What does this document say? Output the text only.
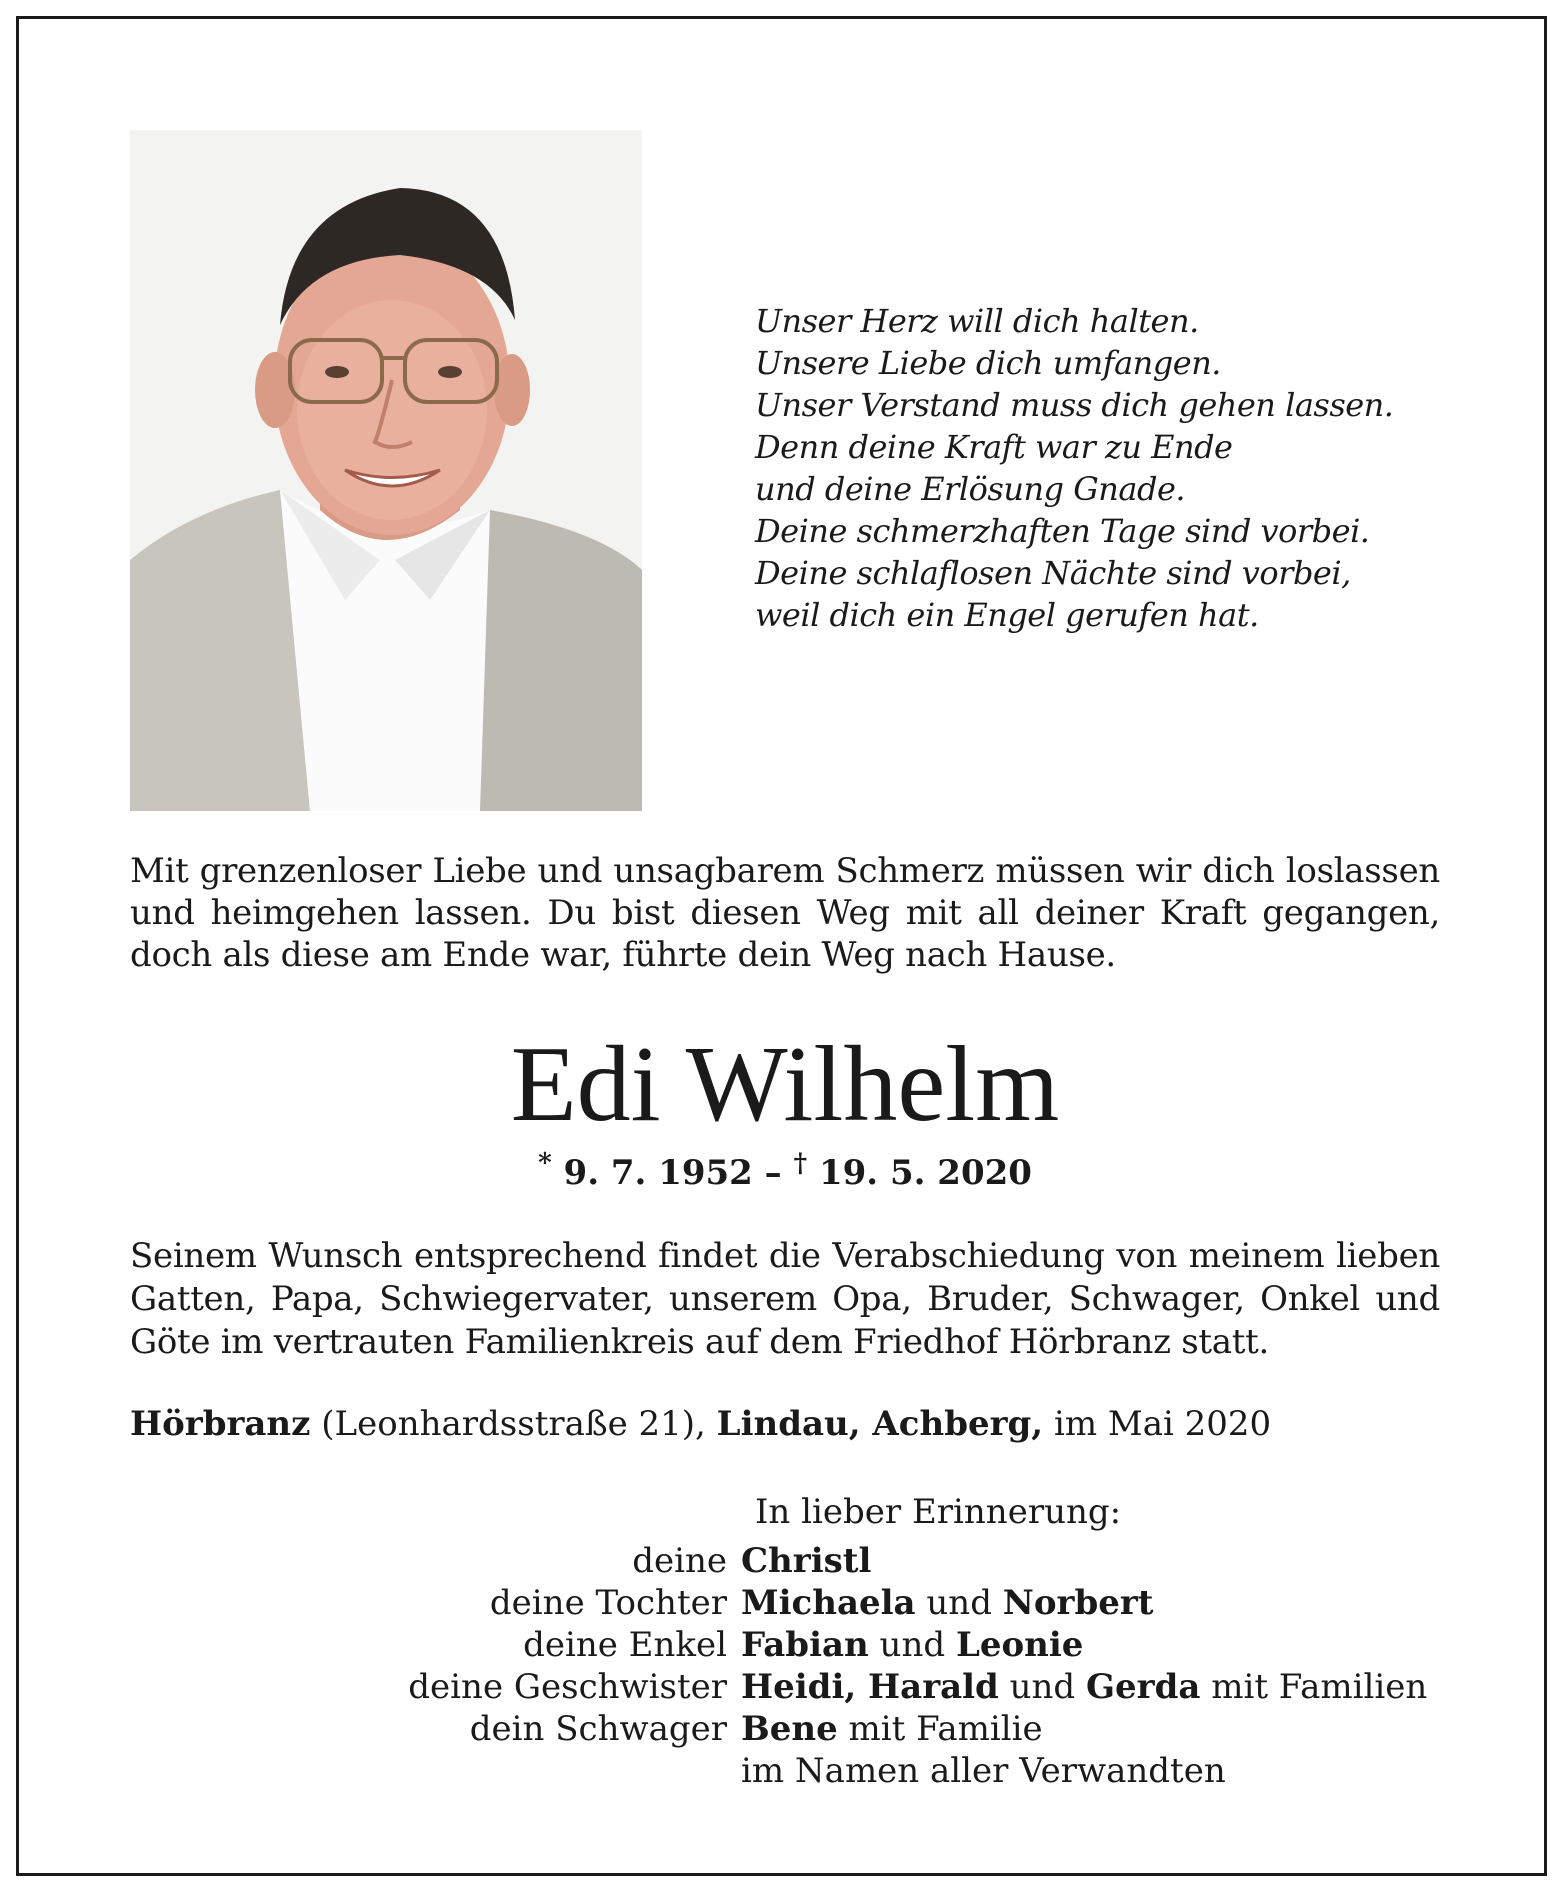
Unser Herz will dich halten.
Unsere Liebe dich umfangen.
Unser Verstand muss dich gehen lassen.
Denn deine Kraft war zu Ende
und deine Erlösung Gnade.
Deine schmerzhaften Tage sind vorbei.
Deine schlaflosen Nächte sind vorbei,
weil dich ein Engel gerufen hat.
Mit grenzenloser Liebe und unsagbarem Schmerz müssen wir dich loslassen und heimgehen lassen. Du bist diesen Weg mit all deiner Kraft gegangen, doch als diese am Ende war, führte dein Weg nach Hause.
Edi Wilhelm
* 9. 7. 1952 – † 19. 5. 2020
Seinem Wunsch entsprechend findet die Verabschiedung von meinem lieben Gatten, Papa, Schwiegervater, unserem Opa, Bruder, Schwager, Onkel und Göte im vertrauten Familienkreis auf dem Friedhof Hörbranz statt.
Hörbranz (Leonhardsstraße 21), Lindau, Achberg, im Mai 2020
In lieber Erinnerung:
deine Christl
deine Tochter Michaela und Norbert
deine Enkel Fabian und Leonie
deine Geschwister Heidi, Harald und Gerda mit Familien
dein Schwager Bene mit Familie
im Namen aller Verwandten
